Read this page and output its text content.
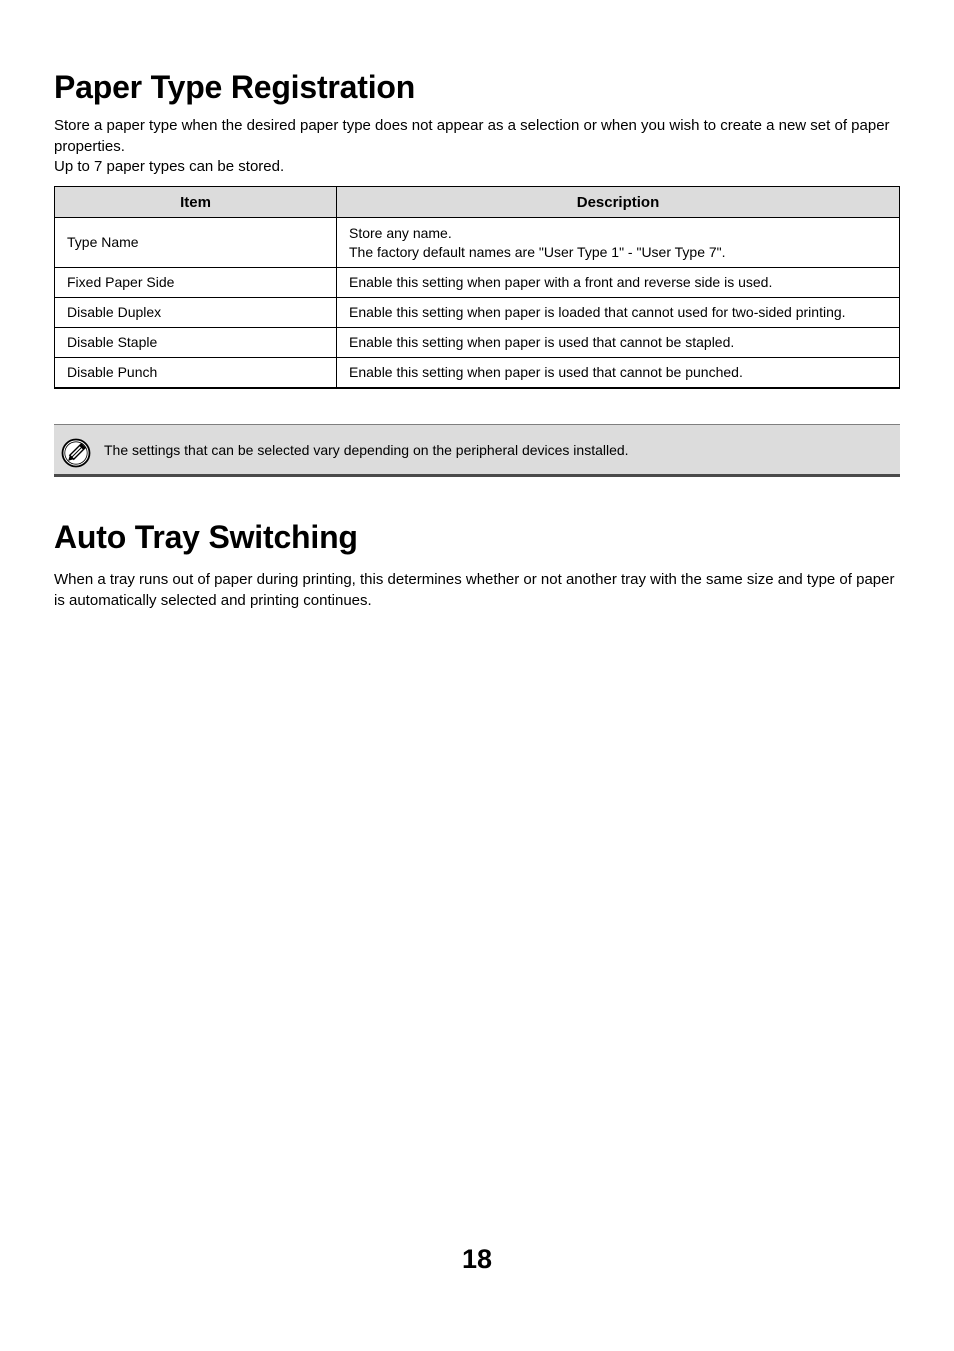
Paper Type Registration

Store a paper type when the desired paper type does not appear as a selection or when you wish to create a new set of paper properties.

Up to 7 paper types can be stored.

Item	Description
Type Name	Store any name.
The factory default names are "User Type 1" - "User Type 7".

Fixed Paper Side	Enable this setting when paper with a front and reverse side is used.
Disable Duplex	Enable this setting when paper is loaded that cannot used for two-sided printing.
Disable Staple	Enable this setting when paper is used that cannot be stapled.
Disable Punch	Enable this setting when paper is used that cannot be punched.
The settings that can be selected vary depending on the peripheral devices installed.
Auto Tray Switching

When a tray runs out of paper during printing, this determines whether or not another tray with the same size and type of paper is automatically selected and printing continues.

18
